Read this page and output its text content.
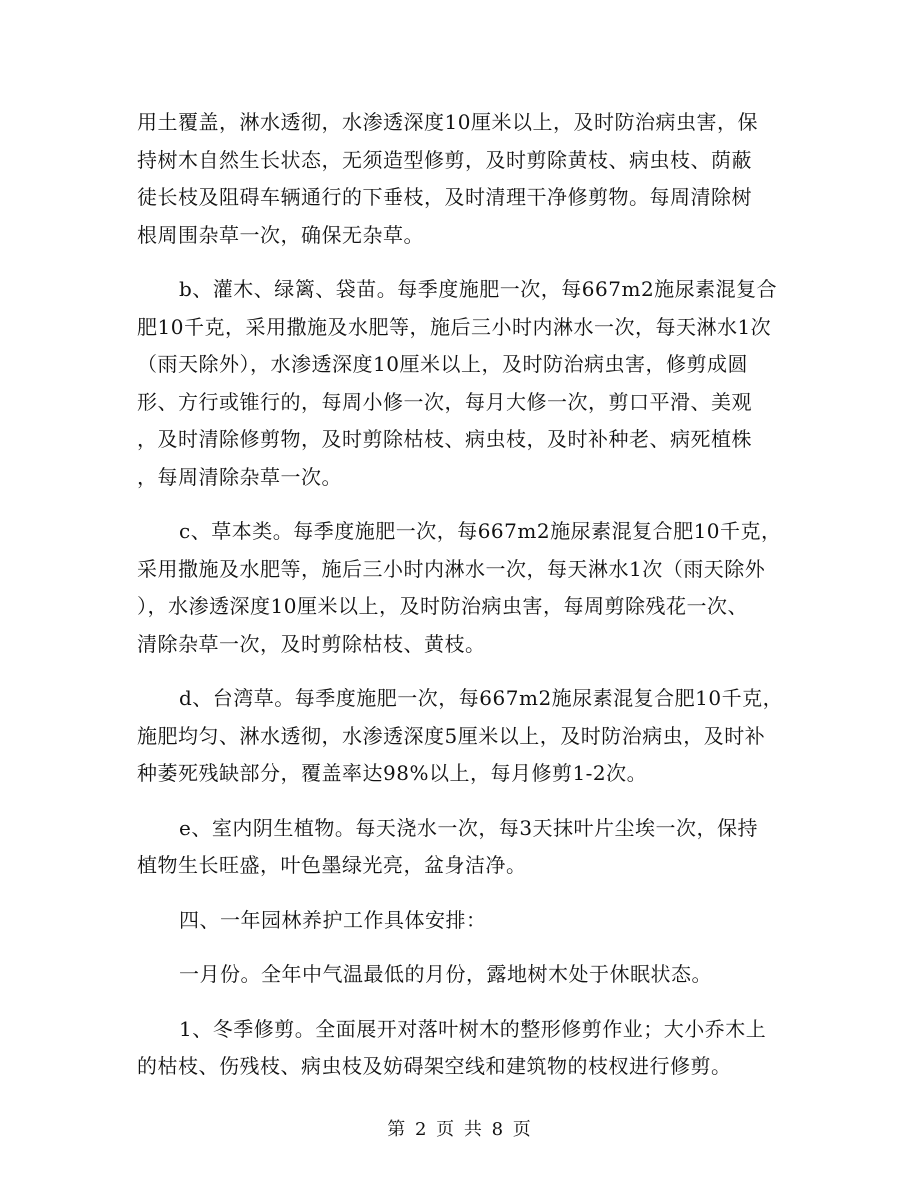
用土覆盖，淋水透彻，水渗透深度10厘米以上，及时防治病虫害，保
持树木自然生长状态，无须造型修剪，及时剪除黄枝、病虫枝、荫蔽
徒长枝及阻碍车辆通行的下垂枝，及时清理干净修剪物。每周清除树
根周围杂草一次，确保无杂草。
b、灌木、绿篱、袋苗。每季度施肥一次，每667m2施尿素混复合
肥10千克，采用撒施及水肥等，施后三小时内淋水一次，每天淋水1次
（雨天除外），水渗透深度10厘米以上，及时防治病虫害，修剪成圆
形、方行或锥行的，每周小修一次，每月大修一次，剪口平滑、美观
，及时清除修剪物，及时剪除枯枝、病虫枝，及时补种老、病死植株
，每周清除杂草一次。
c、草本类。每季度施肥一次，每667m2施尿素混复合肥10千克，
采用撒施及水肥等，施后三小时内淋水一次，每天淋水1次（雨天除外
），水渗透深度10厘米以上，及时防治病虫害，每周剪除残花一次、
清除杂草一次，及时剪除枯枝、黄枝。
d、台湾草。每季度施肥一次，每667m2施尿素混复合肥10千克，
施肥均匀、淋水透彻，水渗透深度5厘米以上，及时防治病虫，及时补
种萎死残缺部分，覆盖率达98%以上，每月修剪1-2次。
e、室内阴生植物。每天浇水一次，每3天抹叶片尘埃一次，保持
植物生长旺盛，叶色墨绿光亮，盆身洁净。
四、一年园林养护工作具体安排：
一月份。全年中气温最低的月份，露地树木处于休眠状态。
1、冬季修剪。全面展开对落叶树木的整形修剪作业；大小乔木上
的枯枝、伤残枝、病虫枝及妨碍架空线和建筑物的枝杈进行修剪。
第 2 页 共 8 页
